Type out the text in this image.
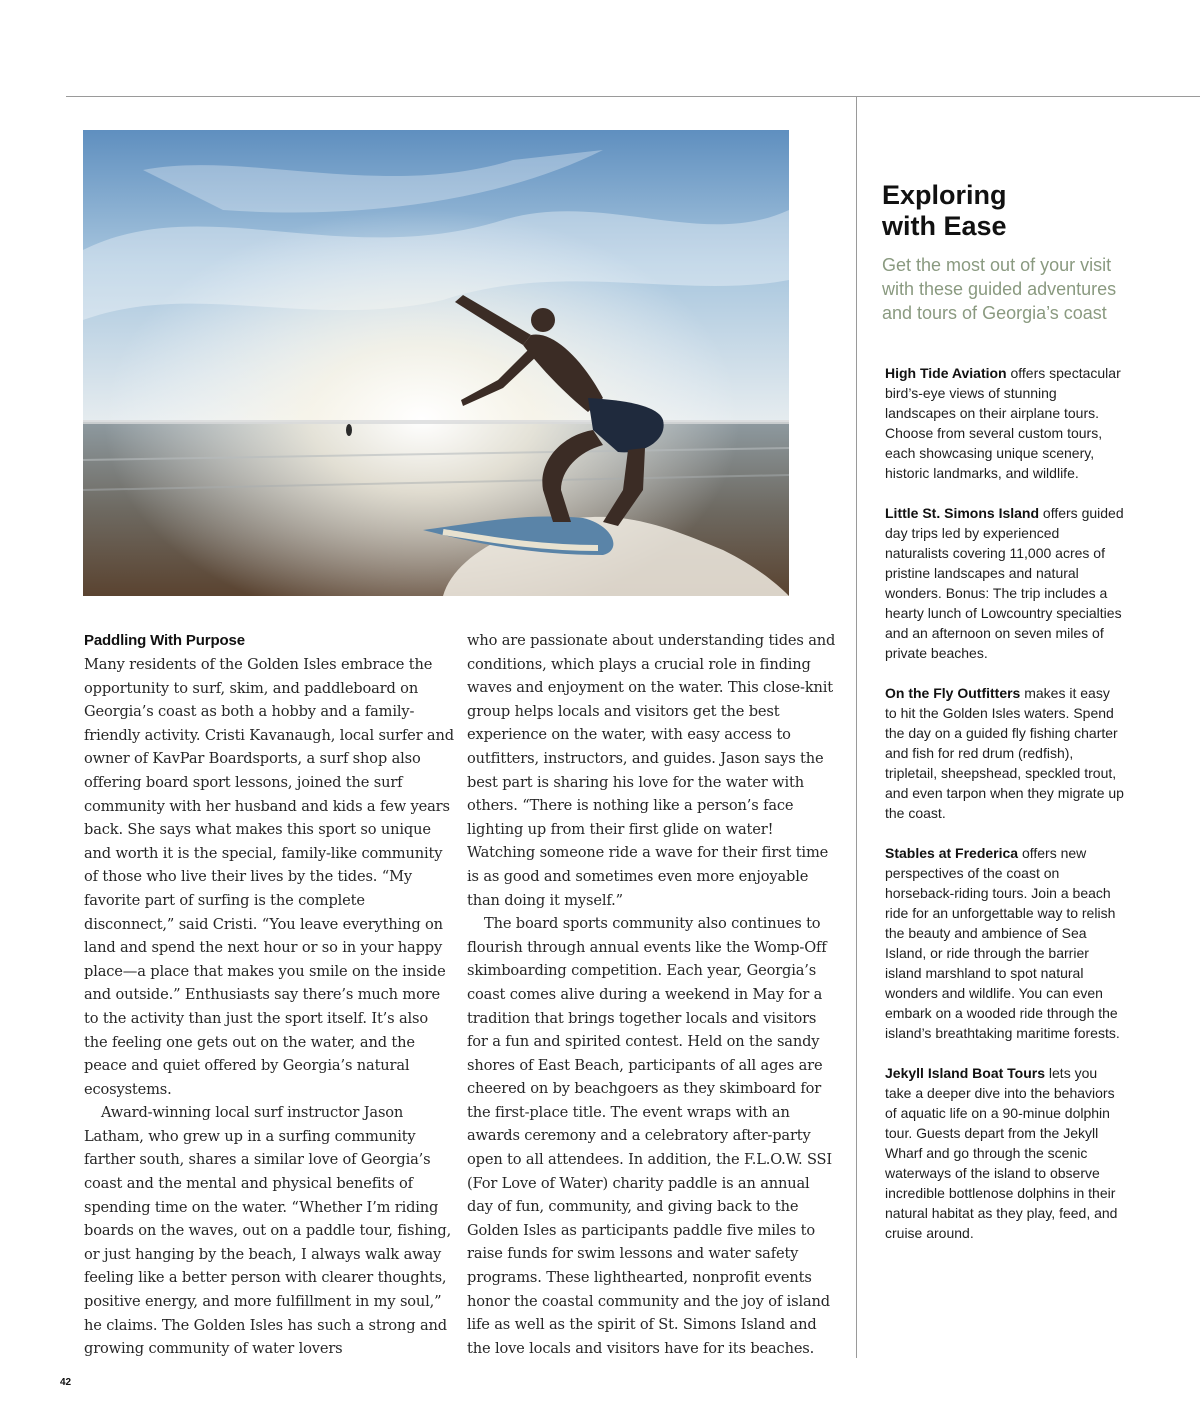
Paddling With Purpose

Many residents of the Golden Isles embrace the opportunity to surf, skim, and paddleboard on Georgia’s coast as both a hobby and a family-friendly activity. Cristi Kavanaugh, local surfer and owner of KavPar Boardsports, a surf shop also offering board sport lessons, joined the surf community with her husband and kids a few years back. She says what makes this sport so unique and worth it is the special, family-like community of those who live their lives by the tides. “My favorite part of surfing is the complete disconnect,” said Cristi. “You leave everything on land and spend the next hour or so in your happy place—a place that makes you smile on the inside and outside.” Enthusiasts say there’s much more to the activity than just the sport itself. It’s also the feeling one gets out on the water, and the peace and quiet offered by Georgia’s natural ecosystems.

Award-winning local surf instructor Jason Latham, who grew up in a surfing community farther south, shares a similar love of Georgia’s coast and the mental and physical benefits of spending time on the water. “Whether I’m riding boards on the waves, out on a paddle tour, fishing, or just hanging by the beach, I always walk away feeling like a better person with clearer thoughts, positive energy, and more fulfillment in my soul,” he claims. The Golden Isles has such a strong and growing community of water lovers

who are passionate about understanding tides and conditions, which plays a crucial role in finding waves and enjoyment on the water. This close-knit group helps locals and visitors get the best experience on the water, with easy access to outfitters, instructors, and guides. Jason says the best part is sharing his love for the water with others. “There is nothing like a person’s face lighting up from their first glide on water! Watching someone ride a wave for their first time is as good and sometimes even more enjoyable than doing it myself.”

The board sports community also continues to flourish through annual events like the Womp-Off skimboarding competition. Each year, Georgia’s coast comes alive during a weekend in May for a tradition that brings together locals and visitors for a fun and spirited contest. Held on the sandy shores of East Beach, participants of all ages are cheered on by beachgoers as they skimboard for the first-place title. The event wraps with an awards ceremony and a celebratory after-party open to all attendees. In addition, the F.L.O.W. SSI (For Love of Water) charity paddle is an annual day of fun, community, and giving back to the Golden Isles as participants paddle five miles to raise funds for swim lessons and water safety programs. These lighthearted, nonprofit events honor the coastal community and the joy of island life as well as the spirit of St. Simons Island and the love locals and visitors have for its beaches.

Exploring
with Ease

Get the most out of your visit with these guided adventures and tours of Georgia’s coast

High Tide Aviation offers spectacular bird’s-eye views of stunning landscapes on their airplane tours. Choose from several custom tours, each showcasing unique scenery, historic landmarks, and wildlife.

Little St. Simons Island offers guided day trips led by experienced naturalists covering 11,000 acres of pristine landscapes and natural wonders. Bonus: The trip includes a hearty lunch of Lowcountry specialties and an afternoon on seven miles of private beaches.

On the Fly Outfitters makes it easy to hit the Golden Isles waters. Spend the day on a guided fly fishing charter and fish for red drum (redfish), tripletail, sheepshead, speckled trout, and even tarpon when they migrate up the coast.

Stables at Frederica offers new perspectives of the coast on horseback-riding tours. Join a beach ride for an unforgettable way to relish the beauty and ambience of Sea Island, or ride through the barrier island marshland to spot natural wonders and wildlife. You can even embark on a wooded ride through the island’s breathtaking maritime forests.

Jekyll Island Boat Tours lets you take a deeper dive into the behaviors of aquatic life on a 90-minue dolphin tour. Guests depart from the Jekyll Wharf and go through the scenic waterways of the island to observe incredible bottlenose dolphins in their natural habitat as they play, feed, and cruise around.

42
